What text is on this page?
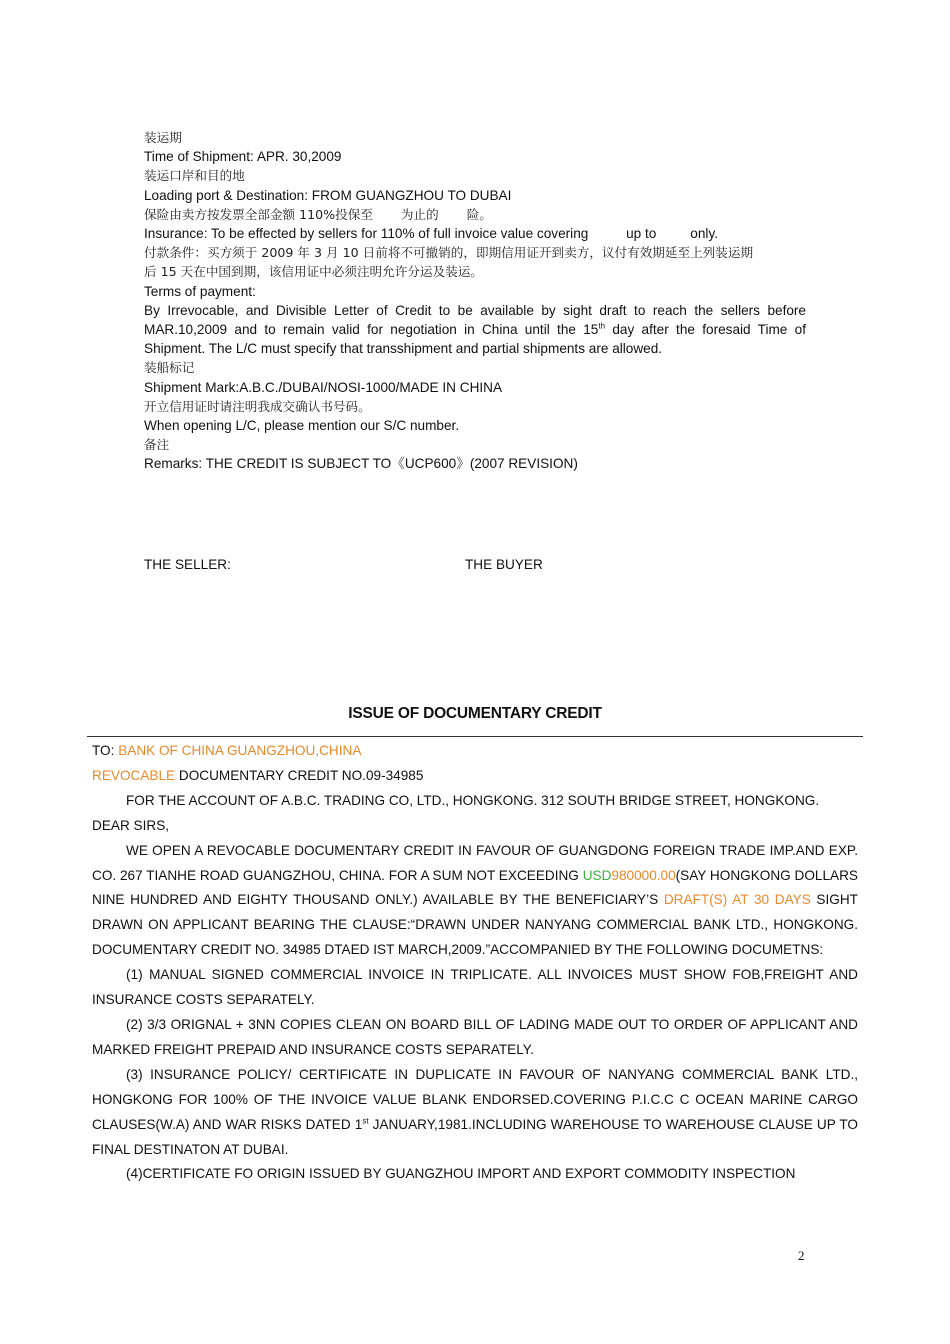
装运期

Time of Shipment: APR. 30,2009

装运口岸和目的地

Loading port & Destination: FROM GUANGZHOU TO DUBAI

保险由卖方按发票全部金额 110%投保至       为止的       险。

Insurance: To be effected by sellers for 110% of full invoice value covering          up to         only.

付款条件：买方须于 2009 年 3 月 10 日前将不可撤销的，即期信用证开到卖方，议付有效期延至上列装运期

后 15 天在中国到期，该信用证中必须注明允许分运及装运。

Terms of payment:

By Irrevocable, and Divisible Letter of Credit to be available by sight draft to reach the sellers before MAR.10,2009 and to remain valid for negotiation in China until the 15th day after the foresaid Time of Shipment. The L/C must specify that transshipment and partial shipments are allowed.

装船标记

Shipment Mark:A.B.C./DUBAI/NOSI-1000/MADE IN CHINA

开立信用证时请注明我成交确认书号码。

When opening L/C, please mention our S/C number.

备注

Remarks: THE CREDIT IS SUBJECT TO《UCP600》(2007 REVISION)

THE SELLER:	THE BUYER
ISSUE OF DOCUMENTARY CREDIT

TO: BANK OF CHINA GUANGZHOU,CHINA

REVOCABLE DOCUMENTARY CREDIT NO.09-34985

FOR THE ACCOUNT OF A.B.C. TRADING CO, LTD., HONGKONG. 312 SOUTH BRIDGE STREET, HONGKONG.

DEAR SIRS,

WE OPEN A REVOCABLE DOCUMENTARY CREDIT IN FAVOUR OF GUANGDONG FOREIGN TRADE IMP.AND EXP. CO. 267 TIANHE ROAD GUANGZHOU, CHINA. FOR A SUM NOT EXCEEDING USD980000.00(SAY HONGKONG DOLLARS NINE HUNDRED AND EIGHTY THOUSAND ONLY.) AVAILABLE BY THE BENEFICIARY’S DRAFT(S) AT 30 DAYS SIGHT DRAWN ON APPLICANT BEARING THE CLAUSE:“DRAWN UNDER NANYANG COMMERCIAL BANK LTD., HONGKONG. DOCUMENTARY CREDIT NO. 34985 DTAED IST MARCH,2009.”ACCOMPANIED BY THE FOLLOWING DOCUMETNS:

(1) MANUAL SIGNED COMMERCIAL INVOICE IN TRIPLICATE. ALL INVOICES MUST SHOW FOB,FREIGHT AND INSURANCE COSTS SEPARATELY.

(2) 3/3 ORIGNAL + 3NN COPIES CLEAN ON BOARD BILL OF LADING MADE OUT TO ORDER OF APPLICANT AND MARKED FREIGHT PREPAID AND INSURANCE COSTS SEPARATELY.

(3) INSURANCE POLICY/ CERTIFICATE IN DUPLICATE IN FAVOUR OF NANYANG COMMERCIAL BANK LTD., HONGKONG FOR 100% OF THE INVOICE VALUE BLANK ENDORSED.COVERING P.I.C.C C OCEAN MARINE CARGO CLAUSES(W.A) AND WAR RISKS DATED 1st JANUARY,1981.INCLUDING WAREHOUSE TO WAREHOUSE CLAUSE UP TO FINAL DESTINATON AT DUBAI.

(4)CERTIFICATE FO ORIGIN ISSUED BY GUANGZHOU IMPORT AND EXPORT COMMODITY INSPECTION

2
